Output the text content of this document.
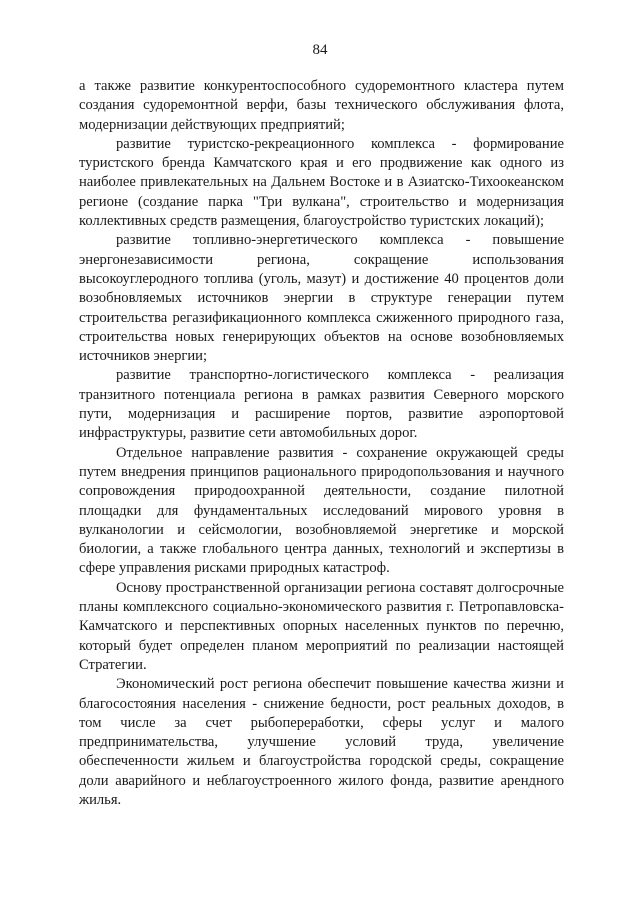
84

а также развитие конкурентоспособного судоремонтного кластера путем создания судоремонтной верфи, базы технического обслуживания флота, модернизации действующих предприятий;

развитие туристско-рекреационного комплекса - формирование туристского бренда Камчатского края и его продвижение как одного из наиболее привлекательных на Дальнем Востоке и в Азиатско-Тихоокеанском регионе (создание парка "Три вулкана", строительство и модернизация коллективных средств размещения, благоустройство туристских локаций);

развитие топливно-энергетического комплекса - повышение энергонезависимости региона, сокращение использования высокоуглеродного топлива (уголь, мазут) и достижение 40 процентов доли возобновляемых источников энергии в структуре генерации путем строительства регазификационного комплекса сжиженного природного газа, строительства новых генерирующих объектов на основе возобновляемых источников энергии;

развитие транспортно-логистического комплекса - реализация транзитного потенциала региона в рамках развития Северного морского пути, модернизация и расширение портов, развитие аэропортовой инфраструктуры, развитие сети автомобильных дорог.

Отдельное направление развития - сохранение окружающей среды путем внедрения принципов рационального природопользования и научного сопровождения природоохранной деятельности, создание пилотной площадки для фундаментальных исследований мирового уровня в вулканологии и сейсмологии, возобновляемой энергетике и морской биологии, а также глобального центра данных, технологий и экспертизы в сфере управления рисками природных катастроф.

Основу пространственной организации региона составят долгосрочные планы комплексного социально-экономического развития г. Петропавловска-Камчатского и перспективных опорных населенных пунктов по перечню, который будет определен планом мероприятий по реализации настоящей Стратегии.

Экономический рост региона обеспечит повышение качества жизни и благосостояния населения - снижение бедности, рост реальных доходов, в том числе за счет рыбопереработки, сферы услуг и малого предпринимательства, улучшение условий труда, увеличение обеспеченности жильем и благоустройства городской среды, сокращение доли аварийного и неблагоустроенного жилого фонда, развитие арендного жилья.
